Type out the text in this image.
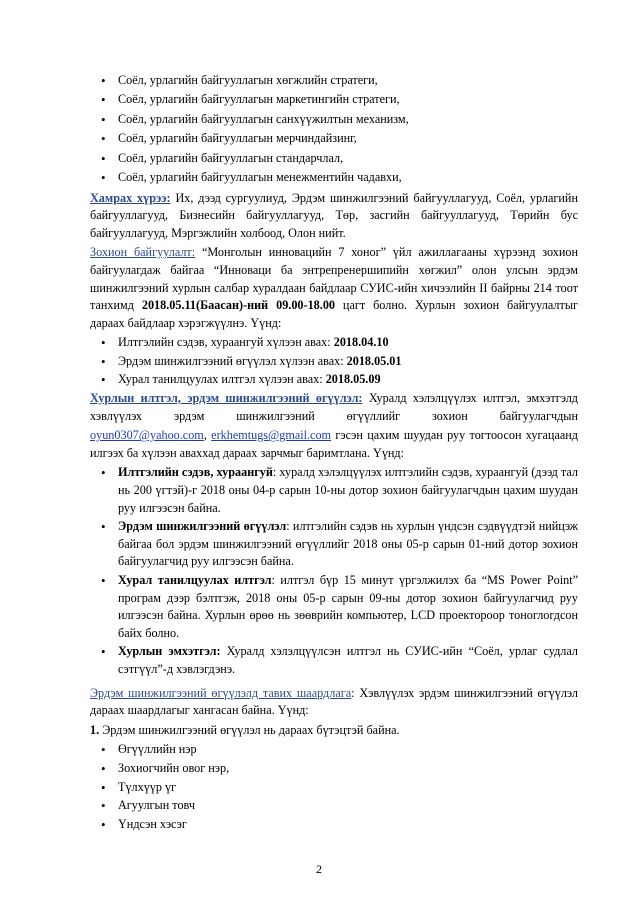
• Соёл, урлагийн байгууллагын хөгжлийн стратеги,
• Соёл, урлагийн байгууллагын маркетингийн стратеги,
• Соёл, урлагийн байгууллагын санхүүжилтын механизм,
• Соёл, урлагийн байгууллагын мерчиндайзинг,
• Соёл, урлагийн байгууллагын стандарчлал,
• Соёл, урлагийн байгууллагын менежментийн чадавхи,

Хамрах хүрээ: Их, дээд сургуулиуд, Эрдэм шинжилгээний байгууллагууд, Соёл, урлагийн байгууллагууд, Бизнесийн байгууллагууд, Төр, засгийн байгууллагууд, Төрийн бус байгууллагууд, Мэргэжлийн холбоод, Олон нийт.

Зохион байгуулалт: “Монголын инновацийн 7 хоног” үйл ажиллагааны хүрээнд зохион байгуулагдаж байгаа “Инноваци ба энтрепренершипийн хөгжил” олон улсын эрдэм шинжилгээний хурлын салбар хуралдаан байдлаар СУИС-ийн хичээлийн II байрны 214 тоот танхимд 2018.05.11(Баасан)-ний 09.00-18.00 цагт болно. Хурлын зохион байгуулалтыг дараах байдлаар хэрэгжүүлнэ. Үүнд:

• Илтгэлийн сэдэв, хураангуй хүлээн авах: 2018.04.10
• Эрдэм шинжилгээний өгүүлэл хүлээн авах: 2018.05.01
• Хурал танилцуулах илтгэл хүлээн авах: 2018.05.09

Хурлын илтгэл, эрдэм шинжилгээний өгүүлэл: Хуралд хэлэлцүүлэх илтгэл, эмхэтгэлд хэвлүүлэх эрдэм шинжилгээний өгүүллийг зохион байгуулагчдын

oyun0307@yahoo.com, erkhemtugs@gmail.com гэсэн цахим шуудан руу тогтоосон хугацаанд илгээх ба хүлээн аваххад дараах зарчмыг баримтлана. Үүнд:

• Илтгэлийн сэдэв, хураангуй: хуралд хэлэлцүүлэх илтгэлийн сэдэв, хураангуй (дээд тал нь 200 үгтэй)-г 2018 оны 04-р сарын 10-ны дотор зохион байгуулагчдын цахим шуудан руу илгээсэн байна.
• Эрдэм шинжилгээний өгүүлэл: илтгэлийн сэдэв нь хурлын үндсэн сэдвүүдтэй нийцэж байгаа бол эрдэм шинжилгээний өгүүллийг 2018 оны 05-р сарын 01-ний дотор зохион байгуулагчид руу илгээсэн байна.
• Хурал танилцуулах илтгэл: илтгэл бүр 15 минут үргэлжилэх ба “MS Power Point” програм дээр бэлтгэж, 2018 оны 05-р сарын 09-ны дотор зохион байгуулагчид руу илгээсэн байна. Хурлын өрөө нь зөөврийн компьютер, LCD проектороор тоноглогдсон байх болно.
• Хурлын эмхэтгэл: Хуралд хэлэлцүүлсэн илтгэл нь СУИС-ийн “Соёл, урлаг судлал сэтгүүл”-д хэвлэгдэнэ.

Эрдэм шинжилгээний өгүүлэлд тавих шаардлага: Хэвлүүлэх эрдэм шинжилгээний өгүүлэл дараах шаардлагыг хангасан байна. Үүнд:

1. Эрдэм шинжилгээний өгүүлэл нь дараах бүтэцтэй байна.

• Өгүүллийн нэр
• Зохиогчийн овог нэр,
• Түлхүүр үг
• Агуулгын товч
• Үндсэн хэсэг
2
